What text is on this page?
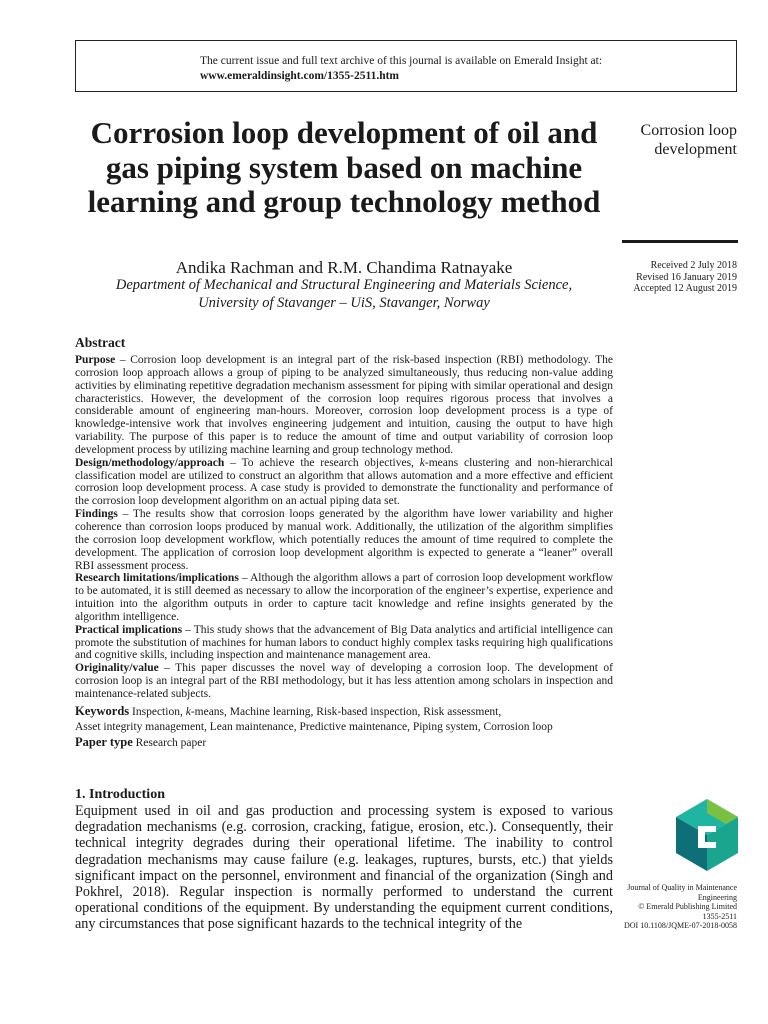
The current issue and full text archive of this journal is available on Emerald Insight at:
www.emeraldinsight.com/1355-2511.htm
Corrosion loop development of oil and gas piping system based on machine learning and group technology method
Corrosion loop development
Received 2 July 2018
Revised 16 January 2019
Accepted 12 August 2019
Andika Rachman and R.M. Chandima Ratnayake
Department of Mechanical and Structural Engineering and Materials Science,
University of Stavanger – UiS, Stavanger, Norway
Abstract

Purpose – Corrosion loop development is an integral part of the risk-based inspection (RBI) methodology. The corrosion loop approach allows a group of piping to be analyzed simultaneously, thus reducing non-value adding activities by eliminating repetitive degradation mechanism assessment for piping with similar operational and design characteristics. However, the development of the corrosion loop requires rigorous process that involves a considerable amount of engineering man-hours. Moreover, corrosion loop development process is a type of knowledge-intensive work that involves engineering judgement and intuition, causing the output to have high variability. The purpose of this paper is to reduce the amount of time and output variability of corrosion loop development process by utilizing machine learning and group technology method.

Design/methodology/approach – To achieve the research objectives, k-means clustering and non-hierarchical classification model are utilized to construct an algorithm that allows automation and a more effective and efficient corrosion loop development process. A case study is provided to demonstrate the functionality and performance of the corrosion loop development algorithm on an actual piping data set.

Findings – The results show that corrosion loops generated by the algorithm have lower variability and higher coherence than corrosion loops produced by manual work. Additionally, the utilization of the algorithm simplifies the corrosion loop development workflow, which potentially reduces the amount of time required to complete the development. The application of corrosion loop development algorithm is expected to generate a “leaner” overall RBI assessment process.

Research limitations/implications – Although the algorithm allows a part of corrosion loop development workflow to be automated, it is still deemed as necessary to allow the incorporation of the engineer’s expertise, experience and intuition into the algorithm outputs in order to capture tacit knowledge and refine insights generated by the algorithm intelligence.

Practical implications – This study shows that the advancement of Big Data analytics and artificial intelligence can promote the substitution of machines for human labors to conduct highly complex tasks requiring high qualifications and cognitive skills, including inspection and maintenance management area.

Originality/value – This paper discusses the novel way of developing a corrosion loop. The development of corrosion loop is an integral part of the RBI methodology, but it has less attention among scholars in inspection and maintenance-related subjects.

Keywords Inspection, k-means, Machine learning, Risk-based inspection, Risk assessment,
Asset integrity management, Lean maintenance, Predictive maintenance, Piping system, Corrosion loop

Paper type Research paper

1. Introduction

Equipment used in oil and gas production and processing system is exposed to various degradation mechanisms (e.g. corrosion, cracking, fatigue, erosion, etc.). Consequently, their technical integrity degrades during their operational lifetime. The inability to control degradation mechanisms may cause failure (e.g. leakages, ruptures, bursts, etc.) that yields significant impact on the personnel, environment and financial of the organization (Singh and Pokhrel, 2018). Regular inspection is normally performed to understand the current operational conditions of the equipment. By understanding the equipment current conditions, any circumstances that pose significant hazards to the technical integrity of the

Journal of Quality in Maintenance
Engineering
© Emerald Publishing Limited
1355-2511
DOI 10.1108/JQME-07-2018-0058
